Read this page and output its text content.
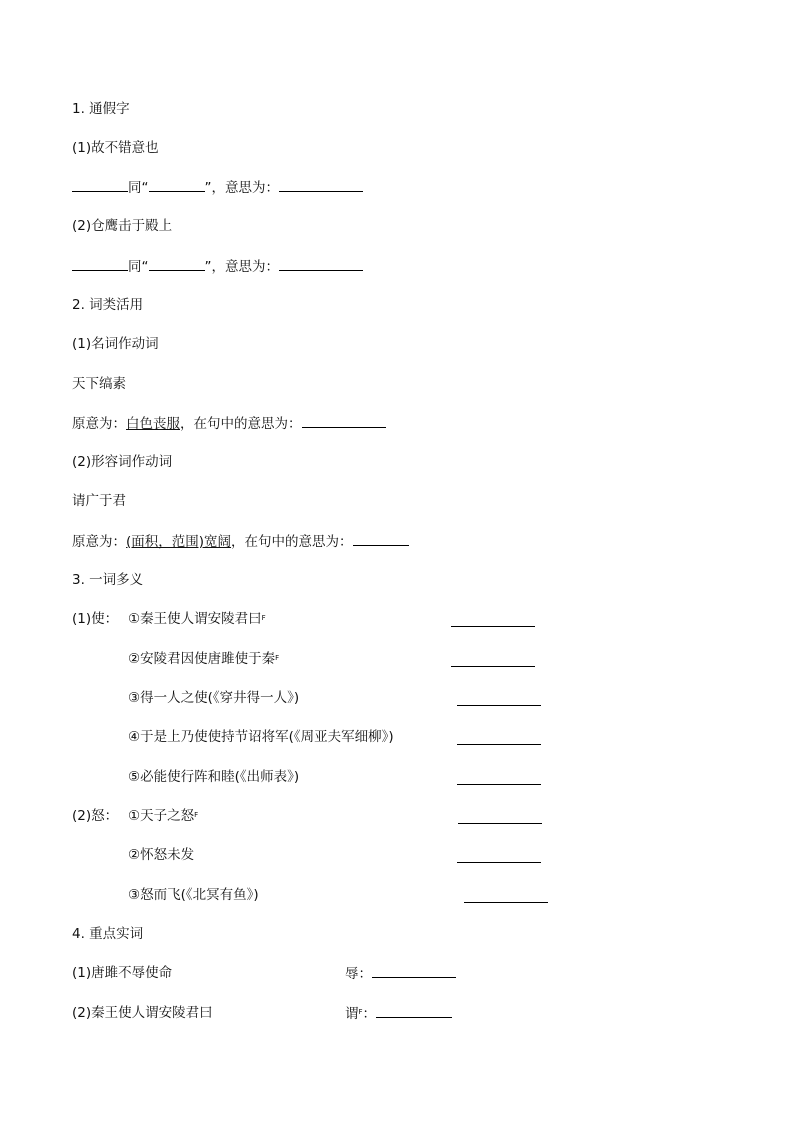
1. 通假字
(1)故不错意也
同“	”，意思为：
(2)仓鹰击于殿上
同“	”，意思为：
2. 词类活用
(1)名词作动词
天下缟素
原意为：白色丧服，在句中的意思为：
(2)形容词作动词
请广于君
原意为：(面积，范围)宽阔，在句中的意思为：
3. 一词多义
(1)使： ①秦王使人谓安陵君曰$^F$
②安陵君因使唐雎使于秦$^F$
③得一人之使(《穿井得一人》)
④于是上乃使使持节诏将军(《周亚夫军细柳》)
⑤必能使行阵和睦(《出师表》)
(2)怒： ①天子之怒$^F$
②怀怒未发
③怒而飞(《北冥有鱼》)
4. 重点实词
(1)唐雎不辱使命	辱：
(2)秦王使人谓安陵君曰	谓$^F$：
